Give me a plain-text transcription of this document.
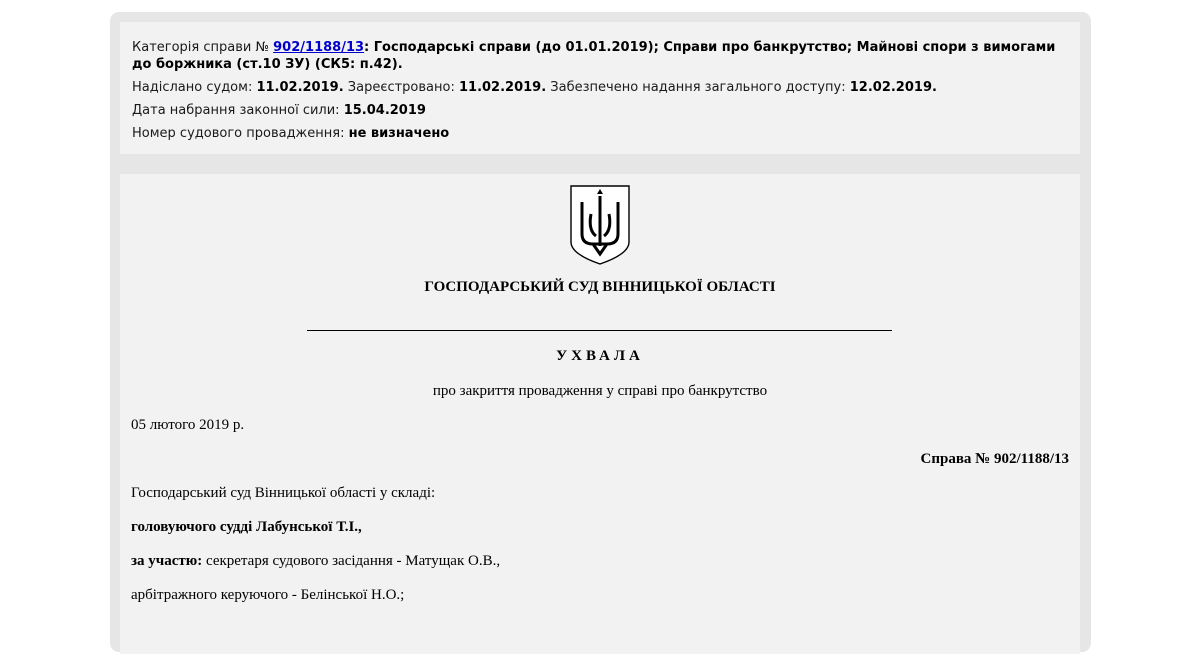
Категорія справи № 902/1188/13: Господарські справи (до 01.01.2019); Справи про банкрутство; Майнові спори з вимогами до боржника (ст.10 ЗУ) (СК5: п.42).
Надіслано судом: 11.02.2019. Зареєстровано: 11.02.2019. Забезпечено надання загального доступу: 12.02.2019.
Дата набрання законної сили: 15.04.2019
Номер судового провадження: не визначено
ГОСПОДАРСЬКИЙ СУД ВІННИЦЬКОЇ ОБЛАСТІ
УХВАЛА
про закриття провадження у справі про банкрутство
05 лютого 2019 р.
Справа № 902/1188/13
Господарський суд Вінницької області у складі:
головуючого судді Лабунської Т.І.,
за участю: секретаря судового засідання - Матущак О.В.,
арбітражного керуючого - Белінської Н.О.;
